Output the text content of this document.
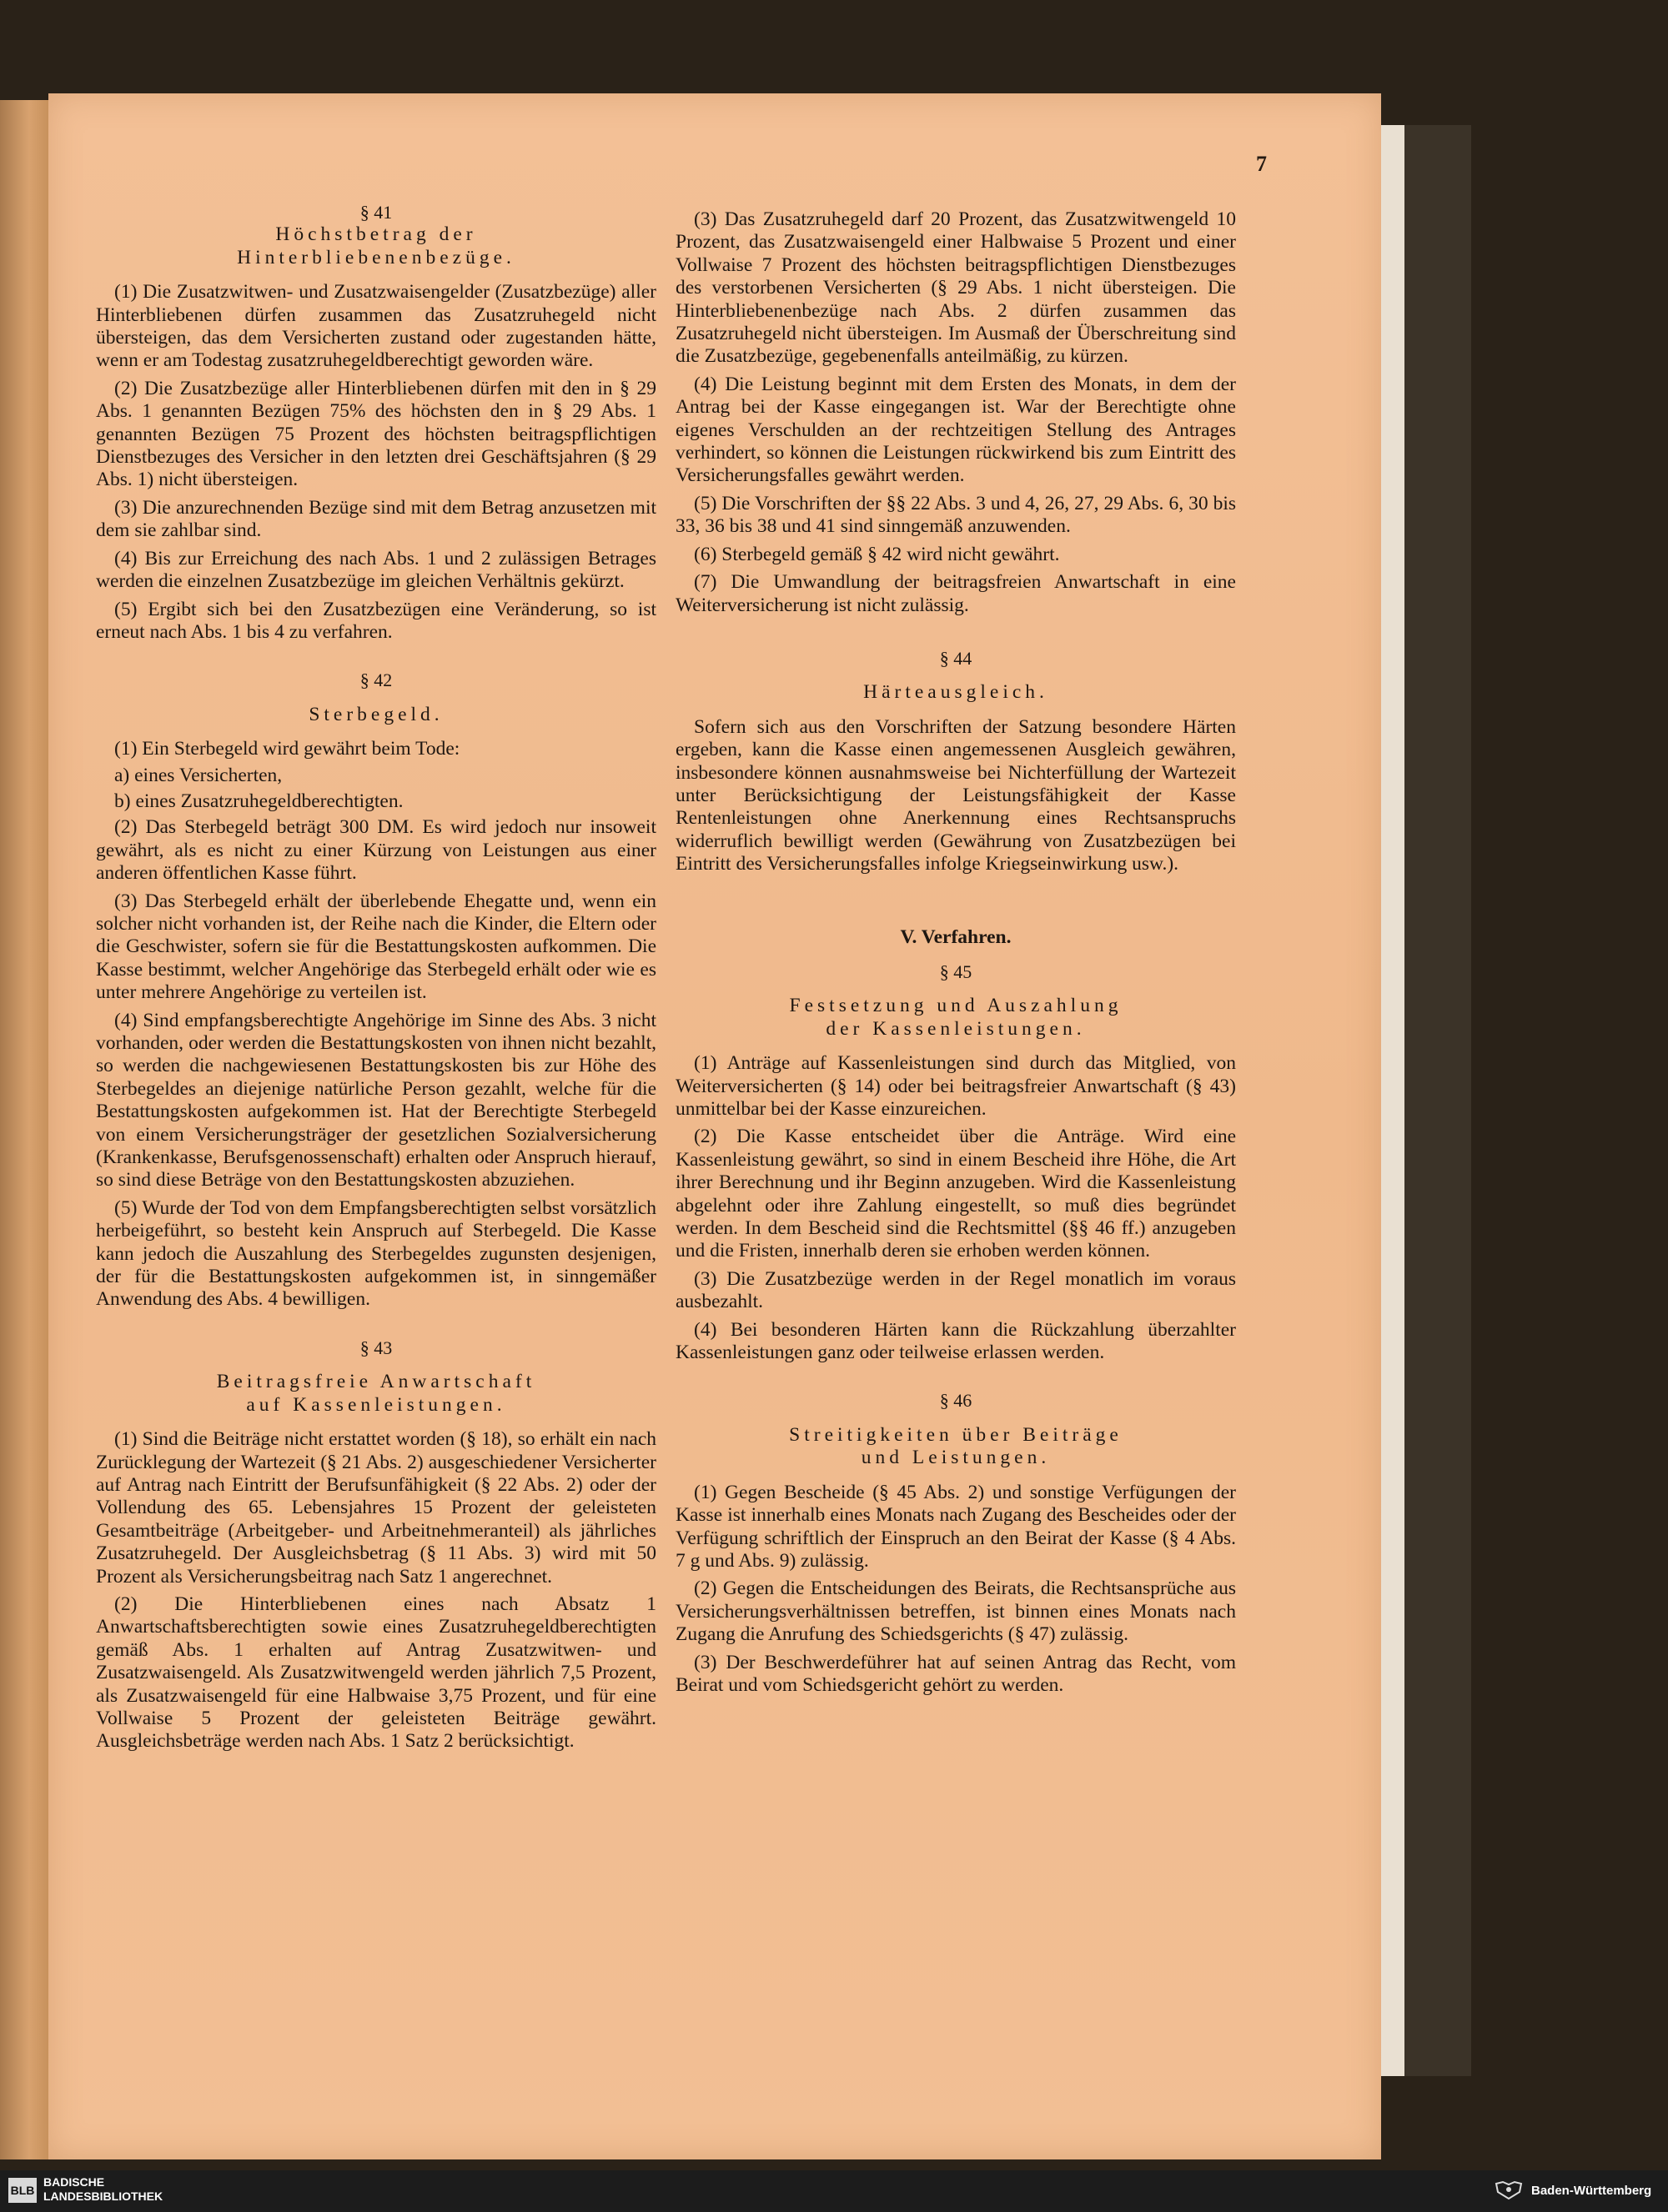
7
§ 41
Höchstbetrag der
Hinterbliebenenbezüge.

(1) Die Zusatzwitwen- und Zusatzwaisengelder (Zusatzbezüge) aller Hinterbliebenen dürfen zusammen das Zusatzruhegeld nicht übersteigen, das dem Versicherten zustand oder zugestanden hätte, wenn er am Todestag zusatzruhegeldberechtigt geworden wäre.

(2) Die Zusatzbezüge aller Hinterbliebenen dürfen mit den in § 29 Abs. 1 genannten Bezügen 75% des höchsten den in § 29 Abs. 1 genannten Bezügen 75 Prozent des höchsten beitragspflichtigen Dienstbezuges des Versicher in den letzten drei Geschäftsjahren (§ 29 Abs. 1) nicht übersteigen.

(3) Die anzurechnenden Bezüge sind mit dem Betrag anzusetzen mit dem sie zahlbar sind.

(4) Bis zur Erreichung des nach Abs. 1 und 2 zulässigen Betrages werden die einzelnen Zusatzbezüge im gleichen Verhältnis gekürzt.

(5) Ergibt sich bei den Zusatzbezügen eine Veränderung, so ist erneut nach Abs. 1 bis 4 zu verfahren.

§ 42
Sterbegeld.

(1) Ein Sterbegeld wird gewährt beim Tode:

a) eines Versicherten,

b) eines Zusatzruhegeldberechtigten.

(2) Das Sterbegeld beträgt 300 DM. Es wird jedoch nur insoweit gewährt, als es nicht zu einer Kürzung von Leistungen aus einer anderen öffentlichen Kasse führt.

(3) Das Sterbegeld erhält der überlebende Ehegatte und, wenn ein solcher nicht vorhanden ist, der Reihe nach die Kinder, die Eltern oder die Geschwister, sofern sie für die Bestattungskosten aufkommen. Die Kasse bestimmt, welcher Angehörige das Sterbegeld erhält oder wie es unter mehrere Angehörige zu verteilen ist.

(4) Sind empfangsberechtigte Angehörige im Sinne des Abs. 3 nicht vorhanden, oder werden die Bestattungskosten von ihnen nicht bezahlt, so werden die nachgewiesenen Bestattungskosten bis zur Höhe des Sterbegeldes an diejenige natürliche Person gezahlt, welche für die Bestattungskosten aufgekommen ist. Hat der Berechtigte Sterbegeld von einem Versicherungsträger der gesetzlichen Sozialversicherung (Krankenkasse, Berufsgenossenschaft) erhalten oder Anspruch hierauf, so sind diese Beträge von den Bestattungskosten abzuziehen.

(5) Wurde der Tod von dem Empfangsberechtigten selbst vorsätzlich herbeigeführt, so besteht kein Anspruch auf Sterbegeld. Die Kasse kann jedoch die Auszahlung des Sterbegeldes zugunsten desjenigen, der für die Bestattungskosten aufgekommen ist, in sinngemäßer Anwendung des Abs. 4 bewilligen.

§ 43
Beitragsfreie Anwartschaft
auf Kassenleistungen.

(1) Sind die Beiträge nicht erstattet worden (§ 18), so erhält ein nach Zurücklegung der Wartezeit (§ 21 Abs. 2) ausgeschiedener Versicherter auf Antrag nach Eintritt der Berufsunfähigkeit (§ 22 Abs. 2) oder der Vollendung des 65. Lebensjahres 15 Prozent der geleisteten Gesamtbeiträge (Arbeitgeber- und Arbeitnehmeranteil) als jährliches Zusatzruhegeld. Der Ausgleichsbetrag (§ 11 Abs. 3) wird mit 50 Prozent als Versicherungsbeitrag nach Satz 1 angerechnet.

(2) Die Hinterbliebenen eines nach Absatz 1 Anwartschaftsberechtigten sowie eines Zusatzruhegeldberechtigten gemäß Abs. 1 erhalten auf Antrag Zusatzwitwen- und Zusatzwaisengeld. Als Zusatzwitwengeld werden jährlich 7,5 Prozent, als Zusatzwaisengeld für eine Halbwaise 3,75 Prozent, und für eine Vollwaise 5 Prozent der geleisteten Beiträge gewährt. Ausgleichsbeträge werden nach Abs. 1 Satz 2 berücksichtigt.

(3) Das Zusatzruhegeld darf 20 Prozent, das Zusatzwitwengeld 10 Prozent, das Zusatzwaisengeld einer Halbwaise 5 Prozent und einer Vollwaise 7 Prozent des höchsten beitragspflichtigen Dienstbezuges des verstorbenen Versicherten (§ 29 Abs. 1 nicht übersteigen. Die Hinterbliebenenbezüge nach Abs. 2 dürfen zusammen das Zusatzruhegeld nicht übersteigen. Im Ausmaß der Überschreitung sind die Zusatzbezüge, gegebenenfalls anteilmäßig, zu kürzen.

(4) Die Leistung beginnt mit dem Ersten des Monats, in dem der Antrag bei der Kasse eingegangen ist. War der Berechtigte ohne eigenes Verschulden an der rechtzeitigen Stellung des Antrages verhindert, so können die Leistungen rückwirkend bis zum Eintritt des Versicherungsfalles gewährt werden.

(5) Die Vorschriften der §§ 22 Abs. 3 und 4, 26, 27, 29 Abs. 6, 30 bis 33, 36 bis 38 und 41 sind sinngemäß anzuwenden.

(6) Sterbegeld gemäß § 42 wird nicht gewährt.

(7) Die Umwandlung der beitragsfreien Anwartschaft in eine Weiterversicherung ist nicht zulässig.

§ 44
Härteausgleich.

Sofern sich aus den Vorschriften der Satzung besondere Härten ergeben, kann die Kasse einen angemessenen Ausgleich gewähren, insbesondere können ausnahmsweise bei Nichterfüllung der Wartezeit unter Berücksichtigung der Leistungsfähigkeit der Kasse Rentenleistungen ohne Anerkennung eines Rechtsanspruchs widerruflich bewilligt werden (Gewährung von Zusatzbezügen bei Eintritt des Versicherungsfalles infolge Kriegseinwirkung usw.).

V. Verfahren.
§ 45
Festsetzung und Auszahlung
der Kassenleistungen.

(1) Anträge auf Kassenleistungen sind durch das Mitglied, von Weiterversicherten (§ 14) oder bei beitragsfreier Anwartschaft (§ 43) unmittelbar bei der Kasse einzureichen.

(2) Die Kasse entscheidet über die Anträge. Wird eine Kassenleistung gewährt, so sind in einem Bescheid ihre Höhe, die Art ihrer Berechnung und ihr Beginn anzugeben. Wird die Kassenleistung abgelehnt oder ihre Zahlung eingestellt, so muß dies begründet werden. In dem Bescheid sind die Rechtsmittel (§§ 46 ff.) anzugeben und die Fristen, innerhalb deren sie erhoben werden können.

(3) Die Zusatzbezüge werden in der Regel monatlich im voraus ausbezahlt.

(4) Bei besonderen Härten kann die Rückzahlung überzahlter Kassenleistungen ganz oder teilweise erlassen werden.

§ 46
Streitigkeiten über Beiträge
und Leistungen.

(1) Gegen Bescheide (§ 45 Abs. 2) und sonstige Verfügungen der Kasse ist innerhalb eines Monats nach Zugang des Bescheides oder der Verfügung schriftlich der Einspruch an den Beirat der Kasse (§ 4 Abs. 7 g und Abs. 9) zulässig.

(2) Gegen die Entscheidungen des Beirats, die Rechtsansprüche aus Versicherungsverhältnissen betreffen, ist binnen eines Monats nach Zugang die Anrufung des Schiedsgerichts (§ 47) zulässig.

(3) Der Beschwerdeführer hat auf seinen Antrag das Recht, vom Beirat und vom Schiedsgericht gehört zu werden.

BLB
BADISCHE
LANDESBIBLIOTHEK	Baden-Württemberg
